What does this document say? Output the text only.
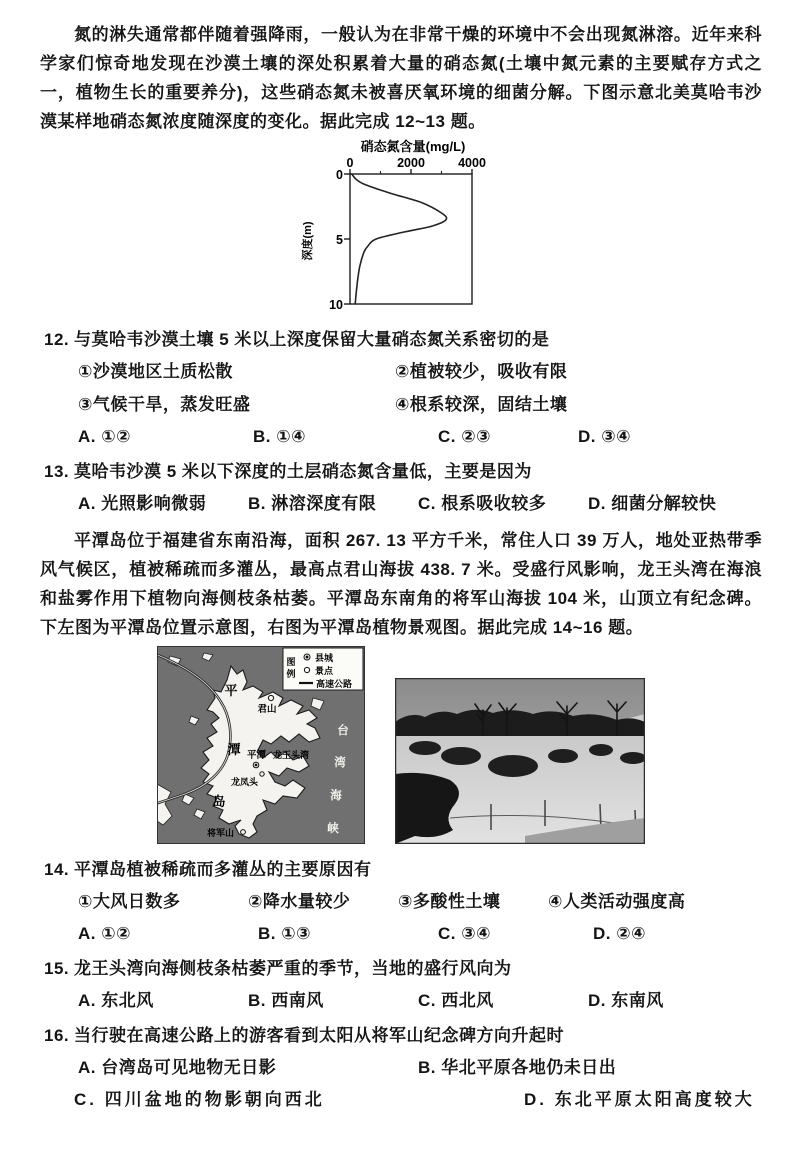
氮的淋失通常都伴随着强降雨，一般认为在非常干燥的环境中不会出现氮淋溶。近年来科学家们惊奇地发现在沙漠土壤的深处积累着大量的硝态氮(土壤中氮元素的主要赋存方式之一，植物生长的重要养分)，这些硝态氮未被喜厌氧环境的细菌分解。下图示意北美莫哈韦沙漠某样地硝态氮浓度随深度的变化。据此完成 12~13 题。

硝态氮含量(mg/L)
0	2000	4000
0
5
10
深度(m)
12. 与莫哈韦沙漠土壤 5 米以上深度保留大量硝态氮关系密切的是
①沙漠地区土质松散	②植被较少，吸收有限
③气候干旱，蒸发旺盛	④根系较深，固结土壤
A. ①②	B. ①④	C. ②③	D. ③④
13. 莫哈韦沙漠 5 米以下深度的土层硝态氮含量低，主要是因为
A. 光照影响微弱	B. 淋溶深度有限	C. 根系吸收较多	D. 细菌分解较快

平潭岛位于福建省东南沿海，面积 267. 13 平方千米，常住人口 39 万人，地处亚热带季风气候区，植被稀疏而多灌丛，最高点君山海拔 438. 7 米。受盛行风影响，龙王头湾在海浪和盐雾作用下植物向海侧枝条枯萎。平潭岛东南角的将军山海拔 104 米，山顶立有纪念碑。下左图为平潭岛位置示意图，右图为平潭岛植物景观图。据此完成 14~16 题。

图
例
县城
景点
高速公路
平
潭
岛
君山
平潭 龙王头湾
龙凤头
将军山
台
湾
海
峡
14. 平潭岛植被稀疏而多灌丛的主要原因有
①大风日数多	②降水量较少	③多酸性土壤	④人类活动强度高
A. ①②	B. ①③	C. ③④	D. ②④
15. 龙王头湾向海侧枝条枯萎严重的季节，当地的盛行风向为
A. 东北风	B. 西南风	C. 西北风	D. 东南风
16. 当行驶在高速公路上的游客看到太阳从将军山纪念碑方向升起时
A. 台湾岛可见地物无日影	B. 华北平原各地仍未日出
C. 四川盆地的物影朝向西北	D. 东北平原太阳高度较大
